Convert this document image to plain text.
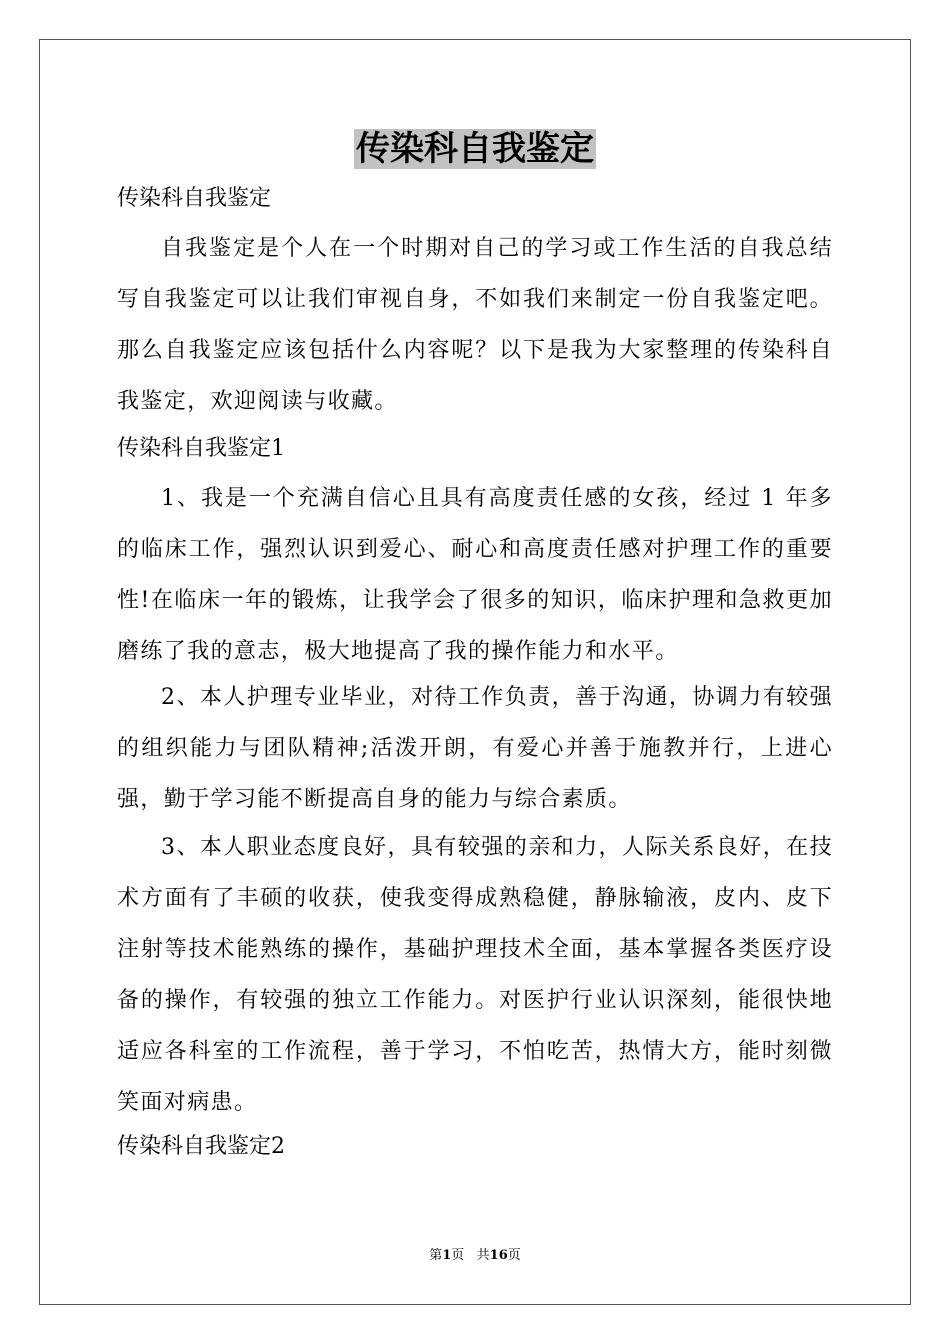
传染科自我鉴定
传染科自我鉴定
自我鉴定是个人在一个时期对自己的学习或工作生活的自我总结写自我鉴定可以让我们审视自身，不如我们来制定一份自我鉴定吧。那么自我鉴定应该包括什么内容呢？以下是我为大家整理的传染科自我鉴定，欢迎阅读与收藏。
传染科自我鉴定1
1、我是一个充满自信心且具有高度责任感的女孩，经过 1 年多的临床工作，强烈认识到爱心、耐心和高度责任感对护理工作的重要性!在临床一年的锻炼，让我学会了很多的知识，临床护理和急救更加磨练了我的意志，极大地提高了我的操作能力和水平。
2、本人护理专业毕业，对待工作负责，善于沟通，协调力有较强的组织能力与团队精神;活泼开朗，有爱心并善于施教并行，上进心强，勤于学习能不断提高自身的能力与综合素质。
3、本人职业态度良好，具有较强的亲和力，人际关系良好，在技术方面有了丰硕的收获，使我变得成熟稳健，静脉输液，皮内、皮下注射等技术能熟练的操作，基础护理技术全面，基本掌握各类医疗设备的操作，有较强的独立工作能力。对医护行业认识深刻，能很快地适应各科室的工作流程，善于学习，不怕吃苦，热情大方，能时刻微笑面对病患。
传染科自我鉴定2
第1页   共16页
